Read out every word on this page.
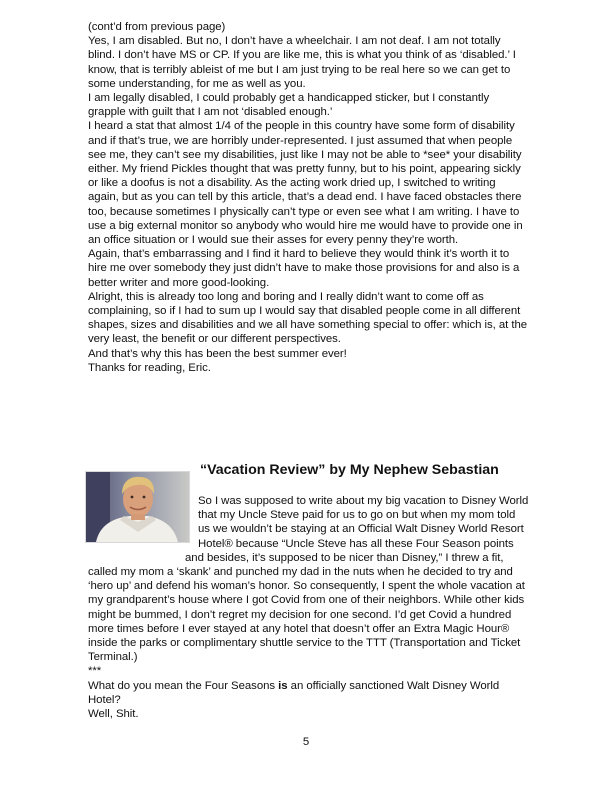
(cont’d from previous page)

Yes, I am disabled. But no, I don’t have a wheelchair. I am not deaf. I am not totally blind. I don’t have MS or CP. If you are like me, this is what you think of as ‘disabled.’ I know, that is terribly ableist of me but I am just trying to be real here so we can get to some understanding, for me as well as you.

I am legally disabled, I could probably get a handicapped sticker, but I constantly grapple with guilt that I am not ‘disabled enough.’

I heard a stat that almost 1/4 of the people in this country have some form of disability and if that’s true, we are horribly under-represented. I just assumed that when people see me, they can’t see my disabilities, just like I may not be able to *see* your disability either. My friend Pickles thought that was pretty funny, but to his point, appearing sickly or like a doofus is not a disability. As the acting work dried up, I switched to writing again, but as you can tell by this article, that’s a dead end. I have faced obstacles there too, because sometimes I physically can’t type or even see what I am writing. I have to use a big external monitor so anybody who would hire me would have to provide one in an office situation or I would sue their asses for every penny they’re worth.

Again, that’s embarrassing and I find it hard to believe they would think it’s worth it to hire me over somebody they just didn’t have to make those provisions for and also is a better writer and more good-looking.

Alright, this is already too long and boring and I really didn’t want to come off as complaining, so if I had to sum up I would say that disabled people come in all different shapes, sizes and disabilities and we all have something special to offer: which is, at the very least, the benefit or our different perspectives.

And that’s why this has been the best summer ever!

Thanks for reading, Eric.

“Vacation Review” by My Nephew Sebastian

So I was supposed to write about my big vacation to Disney World that my Uncle Steve paid for us to go on but when my mom told us we wouldn’t be staying at an Official Walt Disney World Resort Hotel® because “Uncle Steve has all these Four Season points and besides, it’s supposed to be nicer than Disney,” I threw a fit, called my mom a ‘skank’ and punched my dad in the nuts when he decided to try and ‘hero up’ and defend his woman’s honor. So consequently, I spent the whole vacation at my grandparent’s house where I got Covid from one of their neighbors. While other kids might be bummed, I don’t regret my decision for one second. I’d get Covid a hundred more times before I ever stayed at any hotel that doesn’t offer an Extra Magic Hour® inside the parks or complimentary shuttle service to the TTT (Transportation and Ticket Terminal.)

***

What do you mean the Four Seasons is an officially sanctioned Walt Disney World Hotel?

Well, Shit.

5
